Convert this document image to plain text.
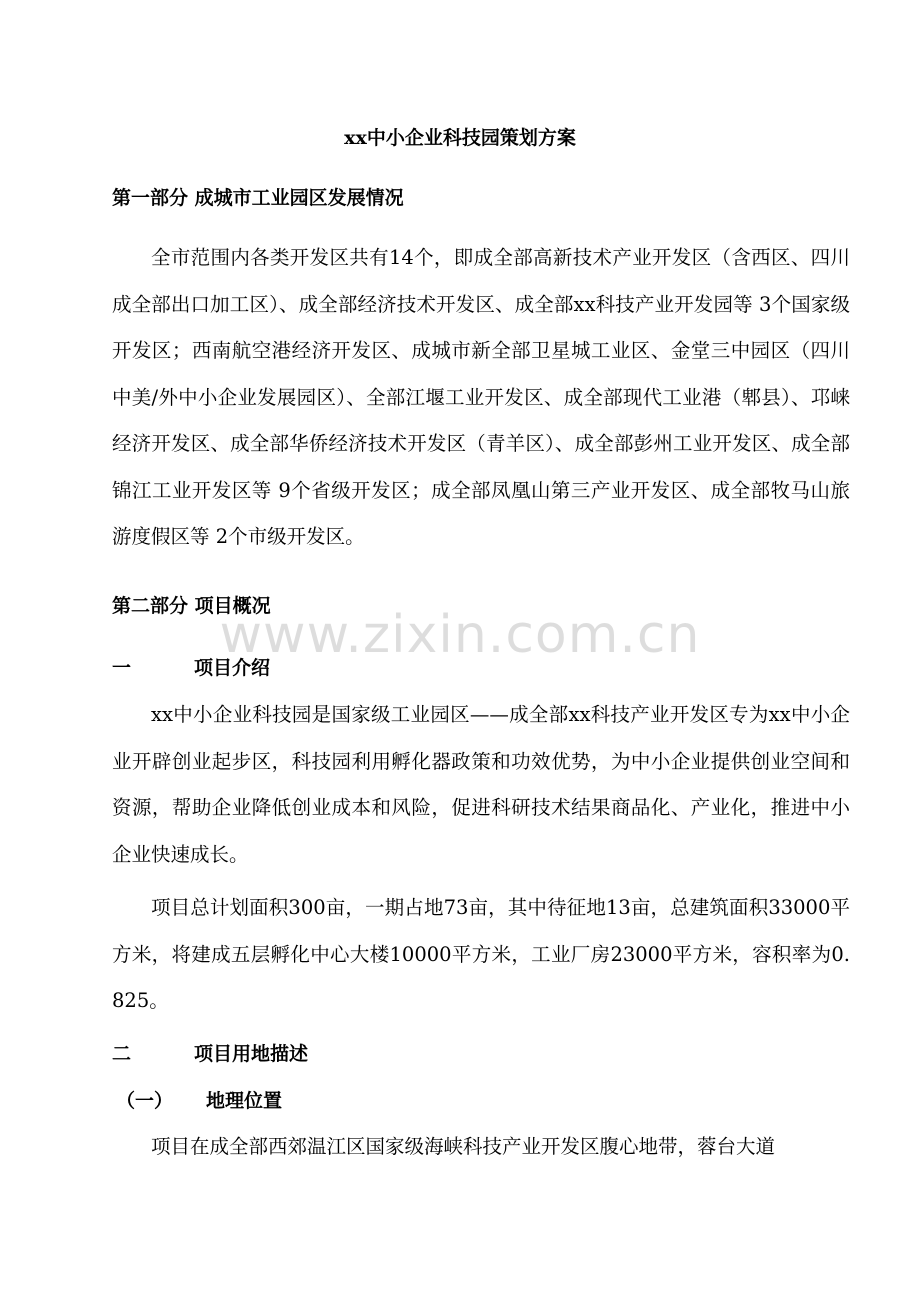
xx中小企业科技园策划方案
第一部分 成城市工业园区发展情况

全市范围内各类开发区共有14个，即成全部高新技术产业开发区（含西区、四川成全部出口加工区）、成全部经济技术开发区、成全部xx科技产业开发园等 3个国家级开发区；西南航空港经济开发区、成城市新全部卫星城工业区、金堂三中园区（四川中美/外中小企业发展园区）、全部江堰工业开发区、成全部现代工业港（郫县）、邛崃经济开发区、成全部华侨经济技术开发区（青羊区）、成全部彭州工业开发区、成全部锦江工业开发区等 9个省级开发区；成全部凤凰山第三产业开发区、成全部牧马山旅游度假区等 2个市级开发区。

第二部分 项目概况
一	项目介绍

xx中小企业科技园是国家级工业园区——成全部xx科技产业开发区专为xx中小企业开辟创业起步区，科技园利用孵化器政策和功效优势，为中小企业提供创业空间和资源，帮助企业降低创业成本和风险，促进科研技术结果商品化、产业化，推进中小企业快速成长。

项目总计划面积300亩，一期占地73亩，其中待征地13亩，总建筑面积33000平方米，将建成五层孵化中心大楼10000平方米，工业厂房23000平方米，容积率为0.825。

二	项目用地描述
（一） 地理位置

项目在成全部西郊温江区国家级海峡科技产业开发区腹心地带，蓉台大道

www.zixin.com.cn
